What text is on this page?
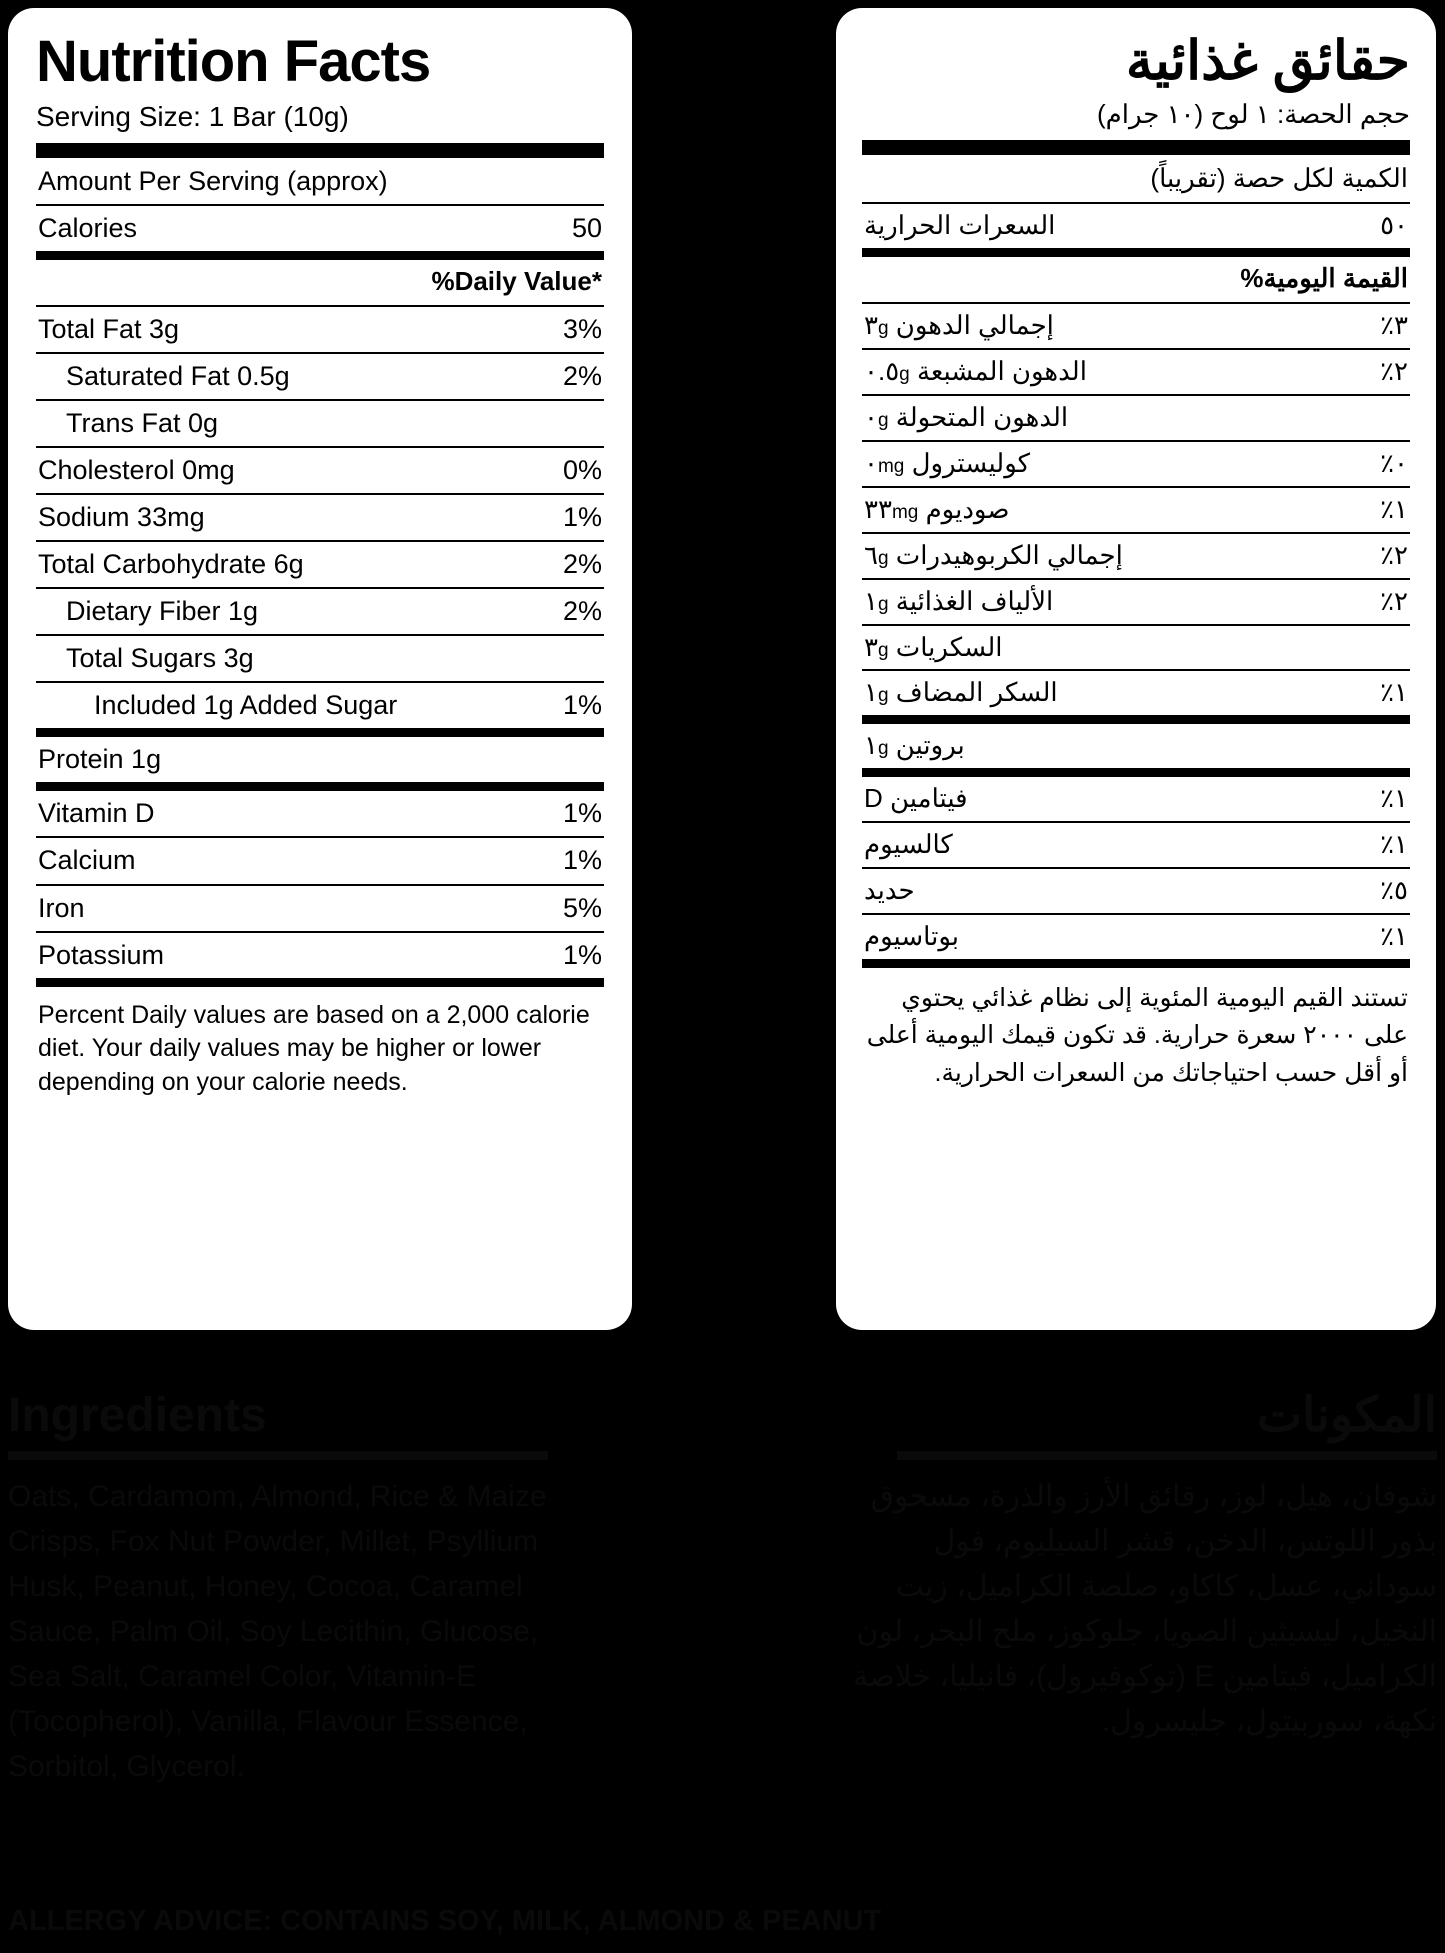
Nutrition Facts
Serving Size: 1 Bar (10g)
Amount Per Serving (approx)
Calories	50
%Daily Value*
Total Fat 3g	3%
Saturated Fat 0.5g	2%
Trans Fat 0g
Cholesterol 0mg	0%
Sodium 33mg	1%
Total Carbohydrate 6g	2%
Dietary Fiber 1g	2%
Total Sugars 3g
Included 1g Added Sugar	1%
Protein 1g
Vitamin D	1%
Calcium	1%
Iron	5%
Potassium	1%
Percent Daily values are based on a 2,000 calorie diet. Your daily values may be higher or lower depending on your calorie needs.
حقائق غذائية
حجم الحصة: ١ لوح (١٠ جرام)
الكمية لكل حصة (تقريباً)
السعرات الحرارية	٥٠
القيمة اليومية%
إجمالي الدهون ٣g	٣٪
الدهون المشبعة ٠.٥g	٢٪
الدهون المتحولة ٠g
كوليسترول ٠mg	٠٪
صوديوم ٣٣mg	١٪
إجمالي الكربوهيدرات ٦g	٢٪
الألياف الغذائية ١g	٢٪
السكريات ٣g
السكر المضاف ١g	١٪
بروتين ١g
فيتامين D	١٪
كالسيوم	١٪
حديد	٥٪
بوتاسيوم	١٪
تستند القيم اليومية المئوية إلى نظام غذائي يحتوي على ٢٠٠٠ سعرة حرارية. قد تكون قيمك اليومية أعلى أو أقل حسب احتياجاتك من السعرات الحرارية.
Ingredients
Oats, Cardamom, Almond, Rice & Maize Crisps, Fox Nut Powder, Millet, Psyllium Husk, Peanut, Honey, Cocoa, Caramel Sauce, Palm Oil, Soy Lecithin, Glucose, Sea Salt, Caramel Color, Vitamin-E (Tocopherol), Vanilla, Flavour Essence, Sorbitol, Glycerol.
المكونات
شوفان، هيل، لوز، رقائق الأرز والذرة، مسحوق بذور اللوتس، الدخن، قشر السيليوم، فول سوداني، عسل، كاكاو، صلصة الكراميل، زيت النخيل، ليسيثين الصويا، جلوكوز، ملح البحر، لون الكراميل، فيتامين E (توكوفيرول)، فانيليا، خلاصة نكهة، سوربيتول، جليسرول.
ALLERGY ADVICE: CONTAINS SOY, MILK, ALMOND & PEANUT
